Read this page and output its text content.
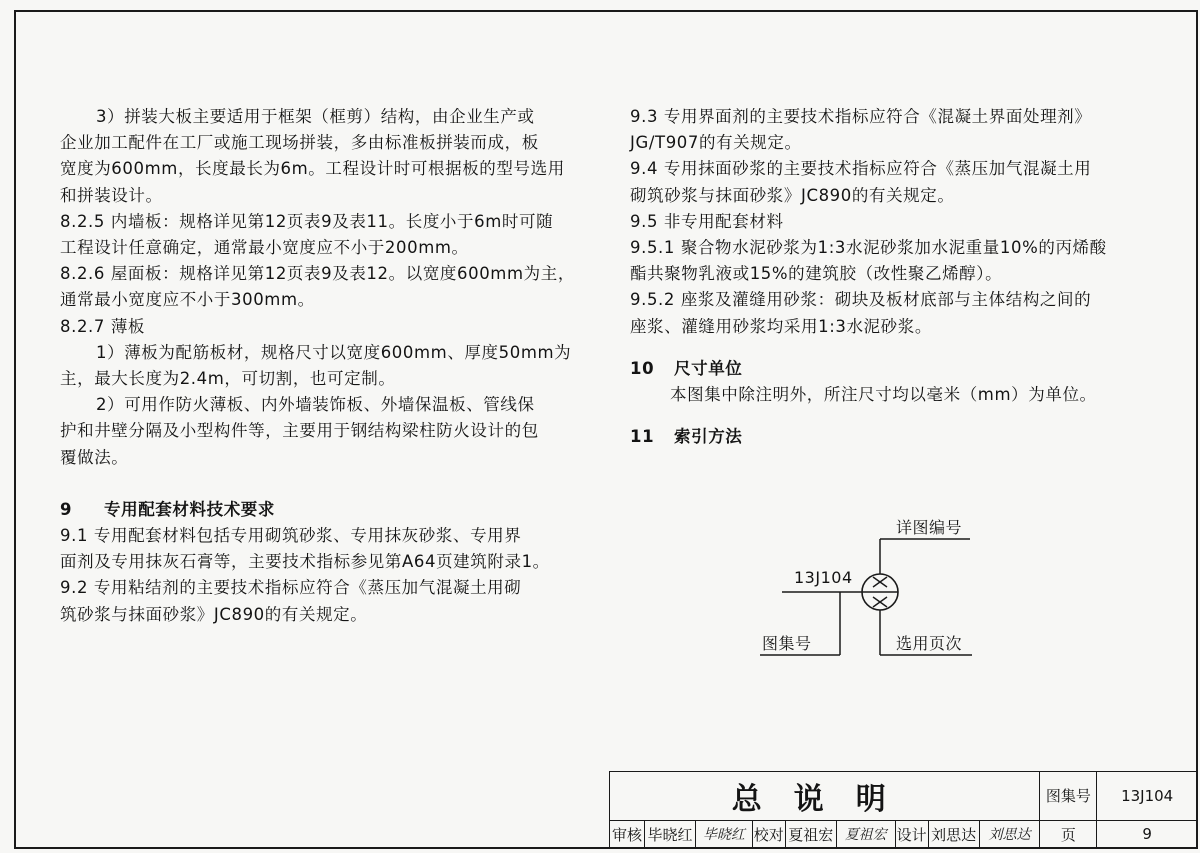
3）拼装大板主要适用于框架（框剪）结构，由企业生产或

企业加工配件在工厂或施工现场拼装，多由标准板拼装而成，板

宽度为600mm，长度最长为6m。工程设计时可根据板的型号选用

和拼装设计。

8.2.5 内墙板：规格详见第12页表9及表11。长度小于6m时可随

工程设计任意确定，通常最小宽度应不小于200mm。

8.2.6 屋面板：规格详见第12页表9及表12。以宽度600mm为主，

通常最小宽度应不小于300mm。

8.2.7 薄板

1）薄板为配筋板材，规格尺寸以宽度600mm、厚度50mm为

主，最大长度为2.4m，可切割，也可定制。

2）可用作防火薄板、内外墙装饰板、外墙保温板、管线保

护和井壁分隔及小型构件等，主要用于钢结构梁柱防火设计的包

覆做法。

9 专用配套材料技术要求

9.1 专用配套材料包括专用砌筑砂浆、专用抹灰砂浆、专用界

面剂及专用抹灰石膏等，主要技术指标参见第A64页建筑附录1。

9.2 专用粘结剂的主要技术指标应符合《蒸压加气混凝土用砌

筑砂浆与抹面砂浆》JC890的有关规定。

9.3 专用界面剂的主要技术指标应符合《混凝土界面处理剂》

JG/T907的有关规定。

9.4 专用抹面砂浆的主要技术指标应符合《蒸压加气混凝土用

砌筑砂浆与抹面砂浆》JC890的有关规定。

9.5 非专用配套材料

9.5.1 聚合物水泥砂浆为1:3水泥砂浆加水泥重量10%的丙烯酸

酯共聚物乳液或15%的建筑胶（改性聚乙烯醇）。

9.5.2 座浆及灌缝用砂浆：砌块及板材底部与主体结构之间的

座浆、灌缝用砂浆均采用1:3水泥砂浆。

10 尺寸单位

本图集中除注明外，所注尺寸均以毫米（mm）为单位。

11 索引方法

详图编号
13J104
图集号	选用页次
总说明									图集号	13J104
审核	毕晓红	毕晓红	校对	夏祖宏	夏祖宏	设计	刘思达	刘思达	页	9
